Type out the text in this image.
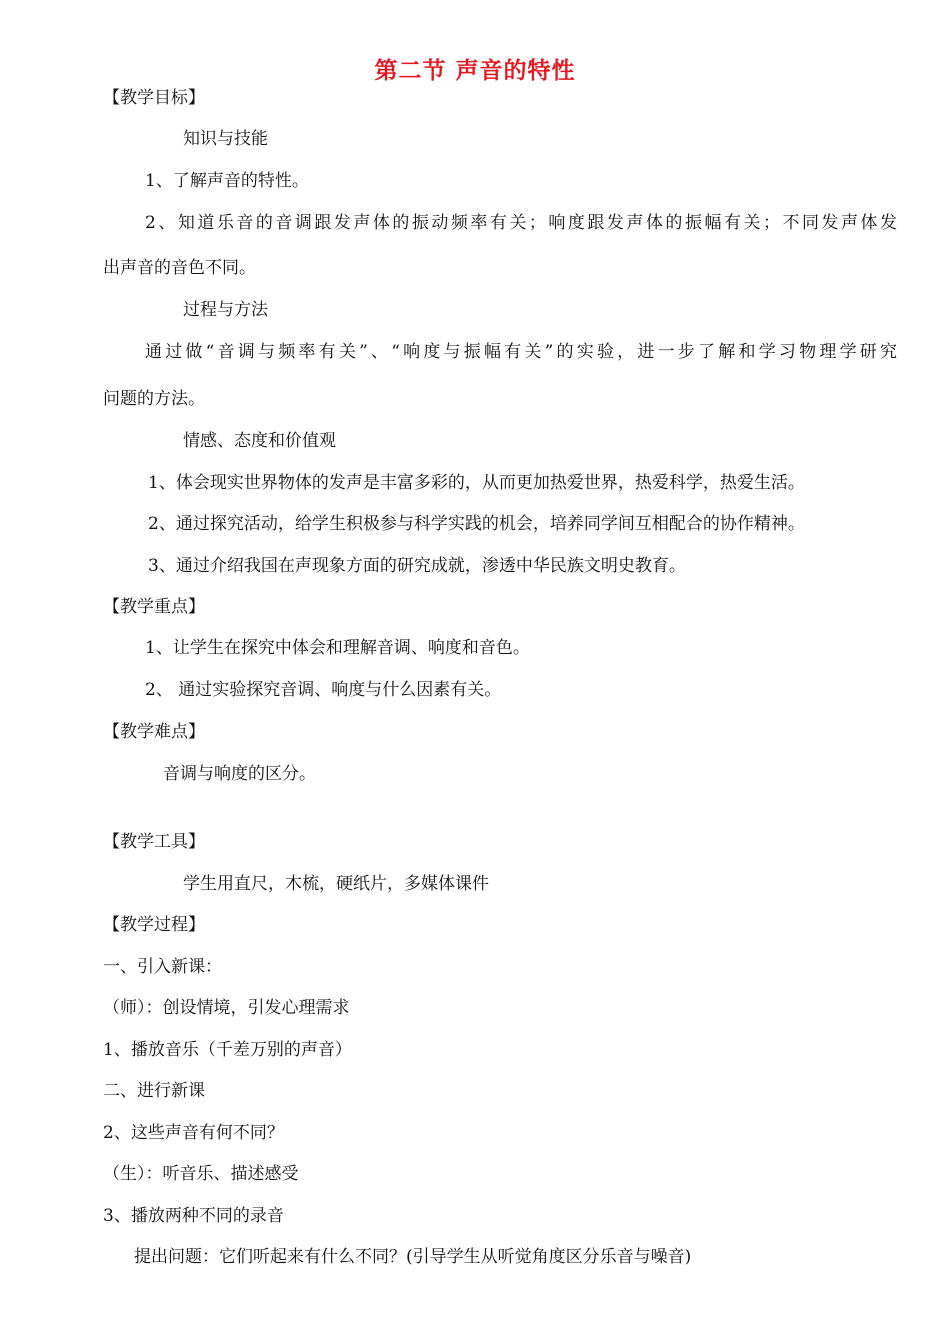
第二节 声音的特性
【教学目标】
知识与技能
1、了解声音的特性。
2、知道乐音的音调跟发声体的振动频率有关；响度跟发声体的振幅有关；不同发声体发
出声音的音色不同。
过程与方法
通过做“音调与频率有关”、“响度与振幅有关”的实验，进一步了解和学习物理学研究
问题的方法。
情感、态度和价值观
1、体会现实世界物体的发声是丰富多彩的，从而更加热爱世界，热爱科学，热爱生活。
2、通过探究活动，给学生积极参与科学实践的机会，培养同学间互相配合的协作精神。
3、通过介绍我国在声现象方面的研究成就，渗透中华民族文明史教育。
【教学重点】
1、让学生在探究中体会和理解音调、响度和音色。
2、 通过实验探究音调、响度与什么因素有关。
【教学难点】
音调与响度的区分。
【教学工具】
学生用直尺，木梳，硬纸片，多媒体课件
【教学过程】
一、引入新课：
（师）：创设情境，引发心理需求
1、播放音乐（千差万别的声音）
二、进行新课
2、这些声音有何不同？
（生）：听音乐、描述感受
3、播放两种不同的录音
提出问题：它们听起来有什么不同？(引导学生从听觉角度区分乐音与噪音)
